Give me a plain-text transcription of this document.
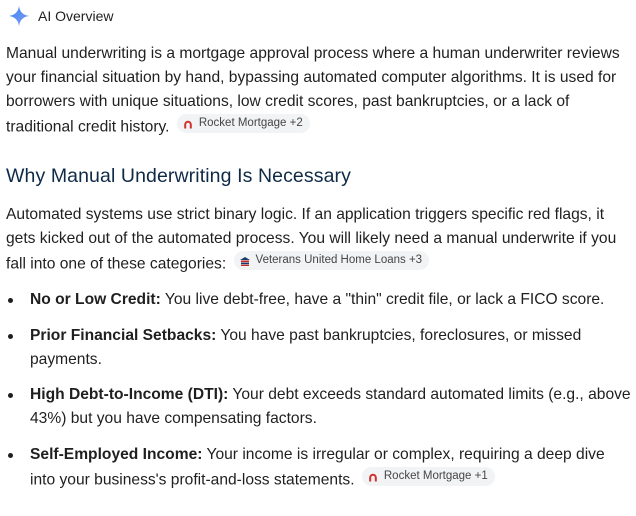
AI Overview

Manual underwriting is a mortgage approval process where a human underwriter reviews your financial situation by hand, bypassing automated computer algorithms. It is used for borrowers with unique situations, low credit scores, past bankruptcies, or a lack of traditional credit history.	Rocket Mortgage +2

Why Manual Underwriting Is Necessary

Automated systems use strict binary logic. If an application triggers specific red flags, it gets kicked out of the automated process. You will likely need a manual underwrite if you fall into one of these categories:	Veterans United Home Loans +3

No or Low Credit: You live debt-free, have a "thin" credit file, or lack a FICO score.
Prior Financial Setbacks: You have past bankruptcies, foreclosures, or missed payments.
High Debt-to-Income (DTI): Your debt exceeds standard automated limits (e.g., above 43%) but you have compensating factors.
Self-Employed Income: Your income is irregular or complex, requiring a deep dive into your business's profit-and-loss statements.	Rocket Mortgage +1
